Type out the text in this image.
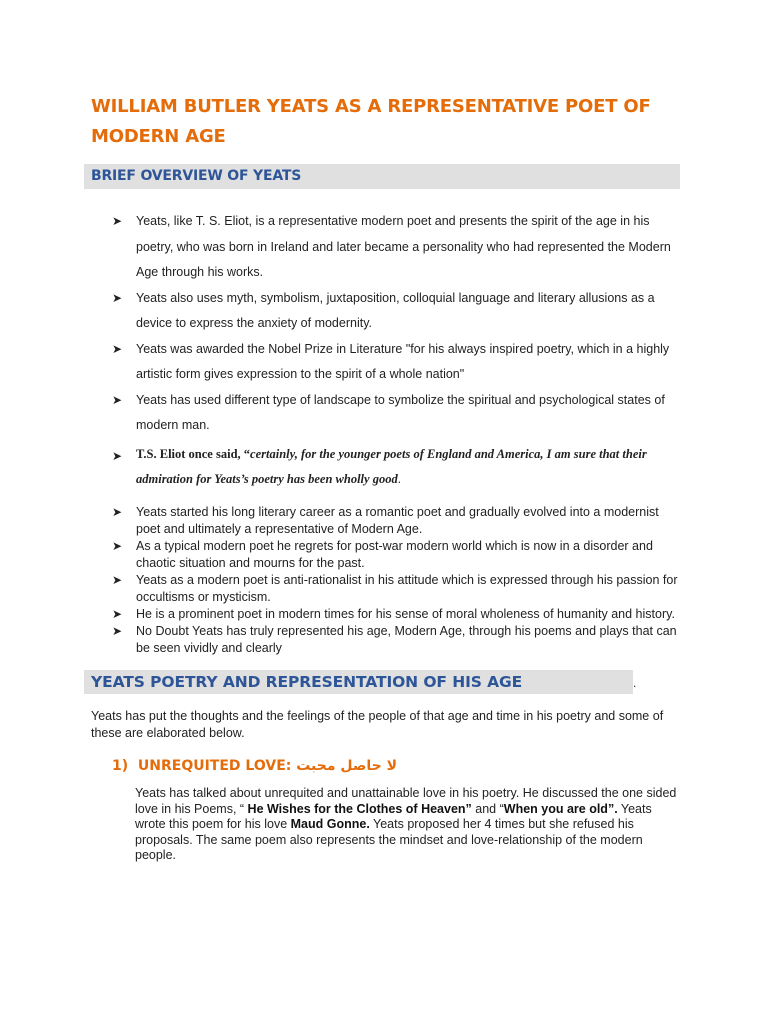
WILLIAM BUTLER YEATS AS A REPRESENTATIVE POET OF MODERN AGE
BRIEF OVERVIEW OF YEATS
➤ Yeats, like T. S. Eliot, is a representative modern poet and presents the spirit of the age in his poetry, who was born in Ireland and later became a personality who had represented the Modern Age through his works.
➤ Yeats also uses myth, symbolism, juxtaposition, colloquial language and literary allusions as a device to express the anxiety of modernity.
➤ Yeats was awarded the Nobel Prize in Literature "for his always inspired poetry, which in a highly artistic form gives expression to the spirit of a whole nation"
➤ Yeats has used different type of landscape to symbolize the spiritual and psychological states of modern man.
➤ T.S. Eliot once said, “certainly, for the younger poets of England and America, I am sure that their admiration for Yeats’s poetry has been wholly good.
➤ Yeats started his long literary career as a romantic poet and gradually evolved into a modernist poet and ultimately a representative of Modern Age.
➤ As a typical modern poet he regrets for post-war modern world which is now in a disorder and chaotic situation and mourns for the past.
➤ Yeats as a modern poet is anti-rationalist in his attitude which is expressed through his passion for occultisms or mysticism.
➤ He is a prominent poet in modern times for his sense of moral wholeness of humanity and history.
➤ No Doubt Yeats has truly represented his age, Modern Age, through his poems and plays that can be seen vividly and clearly
.
YEATS POETRY AND REPRESENTATION OF HIS AGE

Yeats has put the thoughts and the feelings of the people of that age and time in his poetry and some of these are elaborated below.

1) UNREQUITED LOVE: لا حاصل محبت

Yeats has talked about unrequited and unattainable love in his poetry. He discussed the one sided love in his Poems, “ He Wishes for the Clothes of Heaven” and “When you are old”. Yeats wrote this poem for his love Maud Gonne. Yeats proposed her 4 times but she refused his proposals. The same poem also represents the mindset and love-relationship of the modern people.
